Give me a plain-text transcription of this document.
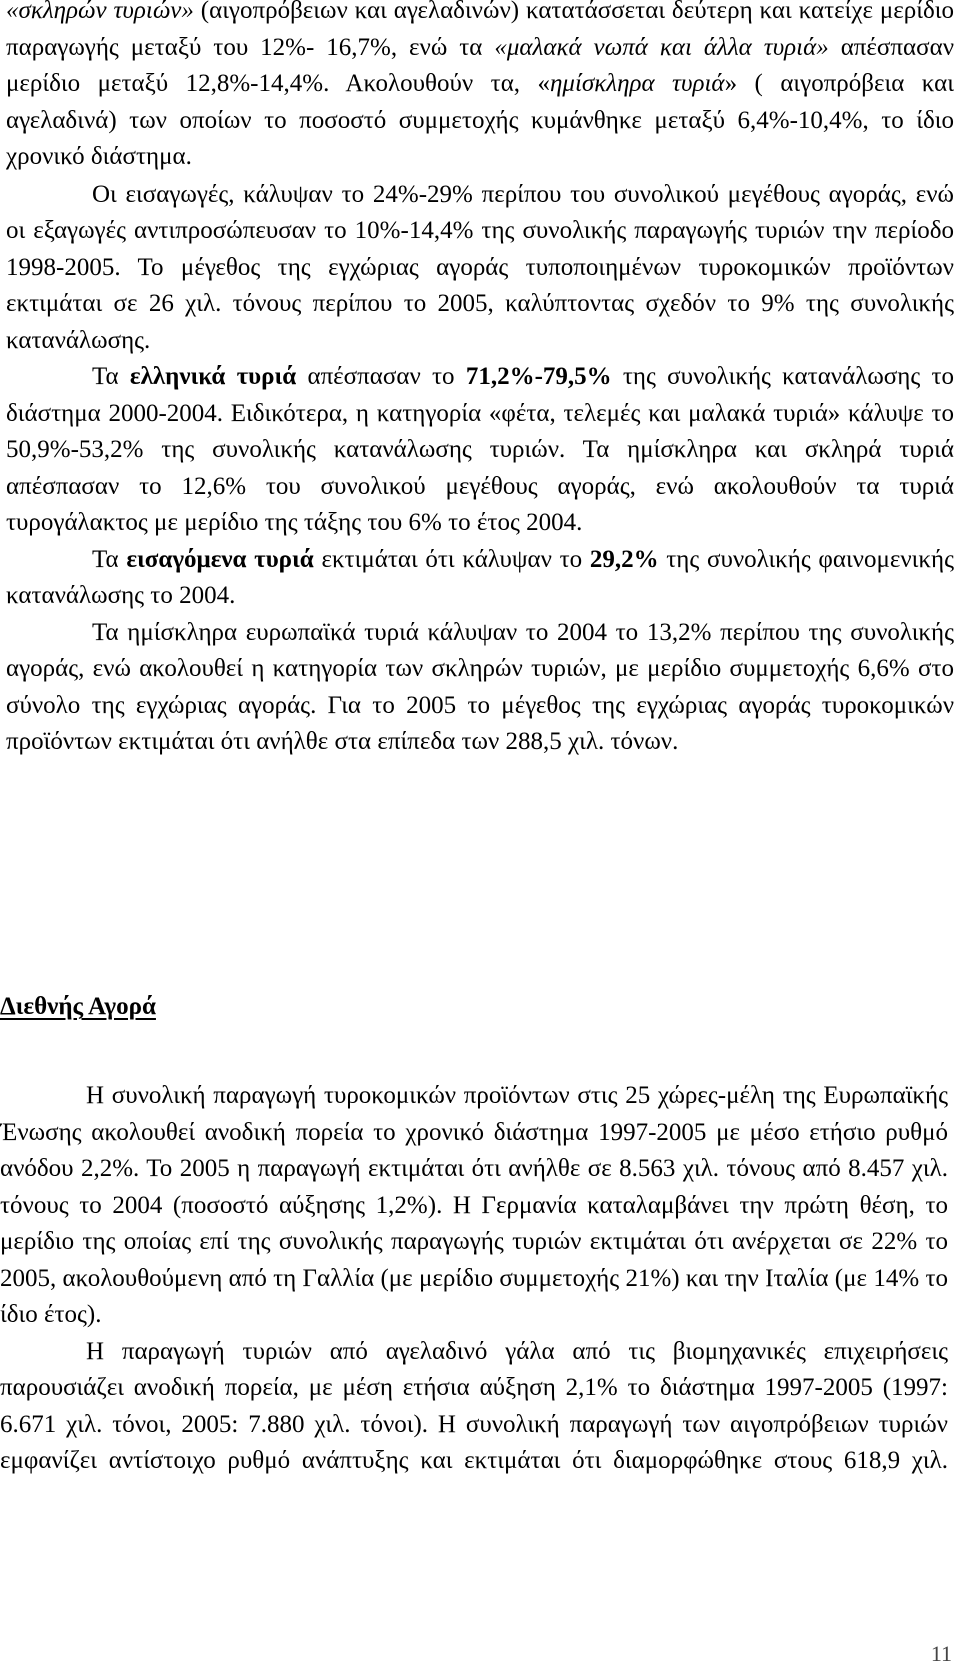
«σκληρών τυριών» (αιγοπρόβειων και αγελαδινών) κατατάσσεται δεύτερη και κατείχε μερίδιο παραγωγής μεταξύ του 12%- 16,7%, ενώ τα «μαλακά νωπά και άλλα τυριά» απέσπασαν μερίδιο μεταξύ 12,8%-14,4%. Ακολουθούν τα, «ημίσκληρα τυριά» ( αιγοπρόβεια και αγελαδινά) των οποίων το ποσοστό συμμετοχής κυμάνθηκε μεταξύ 6,4%-10,4%, το ίδιο χρονικό διάστημα.

Οι εισαγωγές, κάλυψαν το 24%-29% περίπου του συνολικού μεγέθους αγοράς, ενώ οι εξαγωγές αντιπροσώπευσαν το 10%-14,4% της συνολικής παραγωγής τυριών την περίοδο 1998-2005. Το μέγεθος της εγχώριας αγοράς τυποποιημένων τυροκομικών προϊόντων εκτιμάται σε 26 χιλ. τόνους περίπου το 2005, καλύπτοντας σχεδόν το 9% της συνολικής κατανάλωσης.

Τα ελληνικά τυριά απέσπασαν το 71,2%-79,5% της συνολικής κατανάλωσης το διάστημα 2000-2004. Ειδικότερα, η κατηγορία «φέτα, τελεμές και μαλακά τυριά» κάλυψε το 50,9%-53,2% της συνολικής κατανάλωσης τυριών. Τα ημίσκληρα και σκληρά τυριά απέσπασαν το 12,6% του συνολικού μεγέθους αγοράς, ενώ ακολουθούν τα τυριά τυρογάλακτος με μερίδιο της τάξης του 6% το έτος 2004.

Τα εισαγόμενα τυριά εκτιμάται ότι κάλυψαν το 29,2% της συνολικής φαινομενικής κατανάλωσης το 2004.

Τα ημίσκληρα ευρωπαϊκά τυριά κάλυψαν το 2004 το 13,2% περίπου της συνολικής αγοράς, ενώ ακολουθεί η κατηγορία των σκληρών τυριών, με μερίδιο συμμετοχής 6,6% στο σύνολο της εγχώριας αγοράς. Για το 2005 το μέγεθος της εγχώριας αγοράς τυροκομικών προϊόντων εκτιμάται ότι ανήλθε στα επίπεδα των 288,5 χιλ. τόνων.

Διεθνής Αγορά

Η συνολική παραγωγή τυροκομικών προϊόντων στις 25 χώρες-μέλη της Ευρωπαϊκής Ένωσης ακολουθεί ανοδική πορεία το χρονικό διάστημα 1997-2005 με μέσο ετήσιο ρυθμό ανόδου 2,2%. Το 2005 η παραγωγή εκτιμάται ότι ανήλθε σε 8.563 χιλ. τόνους από 8.457 χιλ. τόνους το 2004 (ποσοστό αύξησης 1,2%). Η Γερμανία καταλαμβάνει την πρώτη θέση, το μερίδιο της οποίας επί της συνολικής παραγωγής τυριών εκτιμάται ότι ανέρχεται σε 22% το 2005, ακολουθούμενη από τη Γαλλία (με μερίδιο συμμετοχής 21%) και την Ιταλία (με 14% το ίδιο έτος).

Η παραγωγή τυριών από αγελαδινό γάλα από τις βιομηχανικές επιχειρήσεις παρουσιάζει ανοδική πορεία, με μέση ετήσια αύξηση 2,1% το διάστημα 1997-2005 (1997: 6.671 χιλ. τόνοι, 2005: 7.880 χιλ. τόνοι). Η συνολική παραγωγή των αιγοπρόβειων τυριών εμφανίζει αντίστοιχο ρυθμό ανάπτυξης και εκτιμάται ότι διαμορφώθηκε στους 618,9 χιλ.

11
